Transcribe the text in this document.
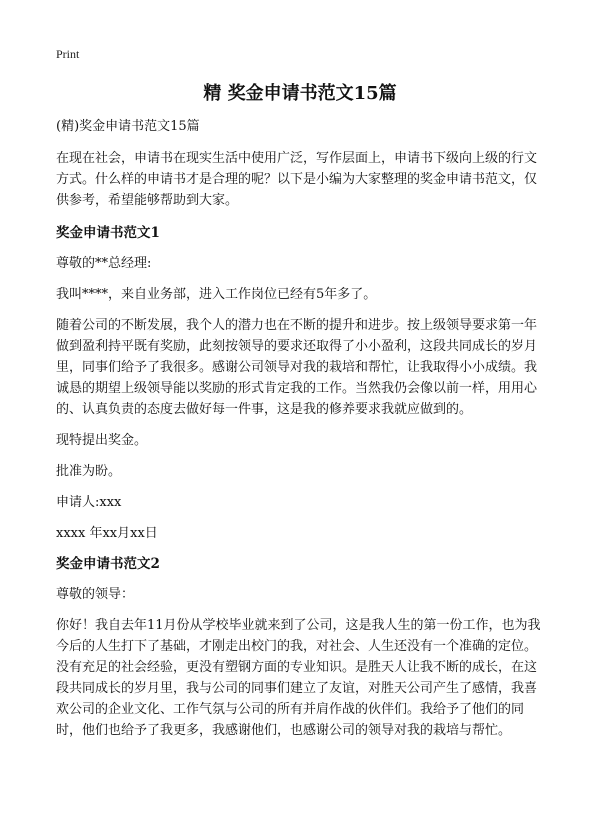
Print
精 奖金申请书范文15篇
(精)奖金申请书范文15篇

在现在社会，申请书在现实生活中使用广泛，写作层面上，申请书下级向上级的行文方式。什么样的申请书才是合理的呢？以下是小编为大家整理的奖金申请书范文，仅供参考，希望能够帮助到大家。

奖金申请书范文1

尊敬的**总经理:

我叫****，来自业务部，进入工作岗位已经有5年多了。

随着公司的不断发展，我个人的潜力也在不断的提升和进步。按上级领导要求第一年做到盈利持平既有奖励，此刻按领导的要求还取得了小小盈利，这段共同成长的岁月里，同事们给予了我很多。感谢公司领导对我的栽培和帮忙，让我取得小小成绩。我诚恳的期望上级领导能以奖励的形式肯定我的工作。当然我仍会像以前一样，用用心的、认真负责的态度去做好每一件事，这是我的修养要求我就应做到的。

现特提出奖金。

批准为盼。

申请人:xxx

xxxx 年xx月xx日

奖金申请书范文2

尊敬的领导：

你好！我自去年11月份从学校毕业就来到了公司，这是我人生的第一份工作，也为我今后的人生打下了基础，才刚走出校门的我，对社会、人生还没有一个准确的定位。没有充足的社会经验，更没有塑钢方面的专业知识。是胜天人让我不断的成长，在这段共同成长的岁月里，我与公司的同事们建立了友谊，对胜天公司产生了感情，我喜欢公司的企业文化、工作气氛与公司的所有并肩作战的伙伴们。我给予了他们的同时，他们也给予了我更多，我感谢他们，也感谢公司的领导对我的栽培与帮忙。
